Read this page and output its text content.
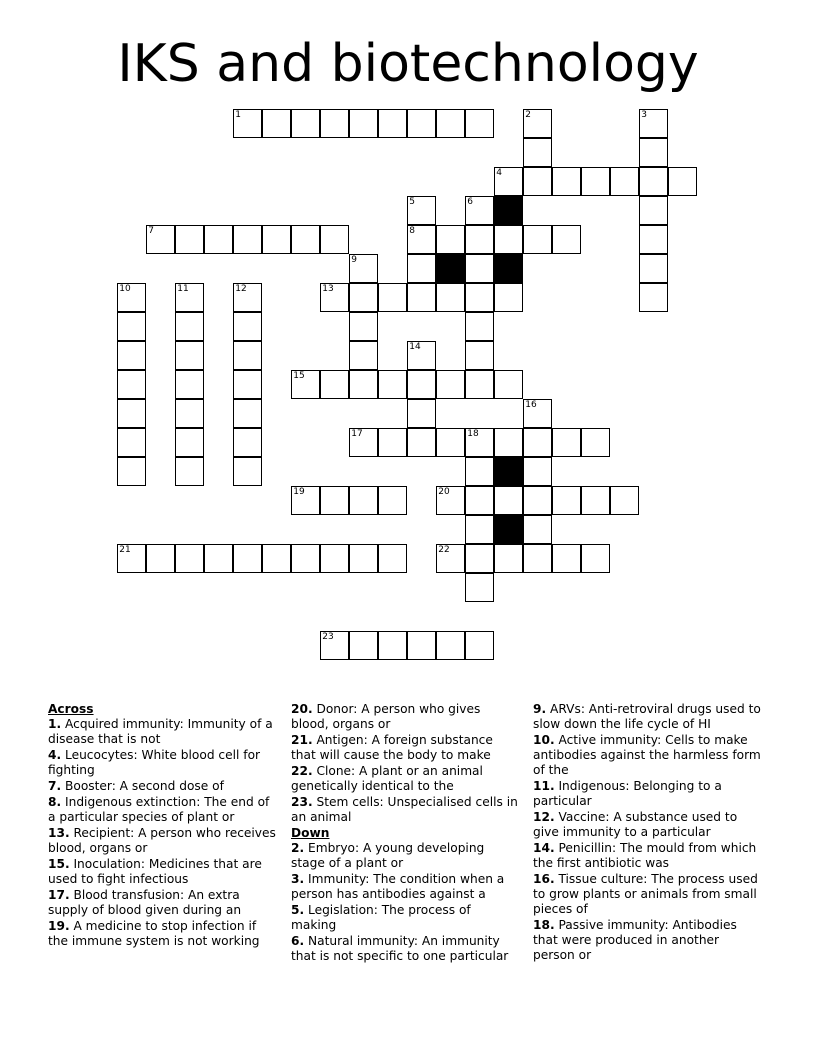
IKS and biotechnology
1	2	3
4
5
8
6
7
9
10	11	12	13
14
15
16
17	18
19	20
21	22
23
Across
1. Acquired immunity: Immunity of a disease that is not
4. Leucocytes: White blood cell for fighting
7. Booster: A second dose of
8. Indigenous extinction: The end of a particular species of plant or
13. Recipient: A person who receives blood, organs or
15. Inoculation: Medicines that are used to fight infectious
17. Blood transfusion: An extra supply of blood given during an
19. A medicine to stop infection if the immune system is not working
20. Donor: A person who gives blood, organs or
21. Antigen: A foreign substance that will cause the body to make
22. Clone: A plant or an animal genetically identical to the
23. Stem cells: Unspecialised cells in an animal
Down
2. Embryo: A young developing stage of a plant or
3. Immunity: The condition when a person has antibodies against a
5. Legislation: The process of making
6. Natural immunity: An immunity that is not specific to one particular
9. ARVs: Anti-retroviral drugs used to slow down the life cycle of HI
10. Active immunity: Cells to make antibodies against the harmless form of the
11. Indigenous: Belonging to a particular
12. Vaccine: A substance used to give immunity to a particular
14. Penicillin: The mould from which the first antibiotic was
16. Tissue culture: The process used to grow plants or animals from small pieces of
18. Passive immunity: Antibodies that were produced in another person or
